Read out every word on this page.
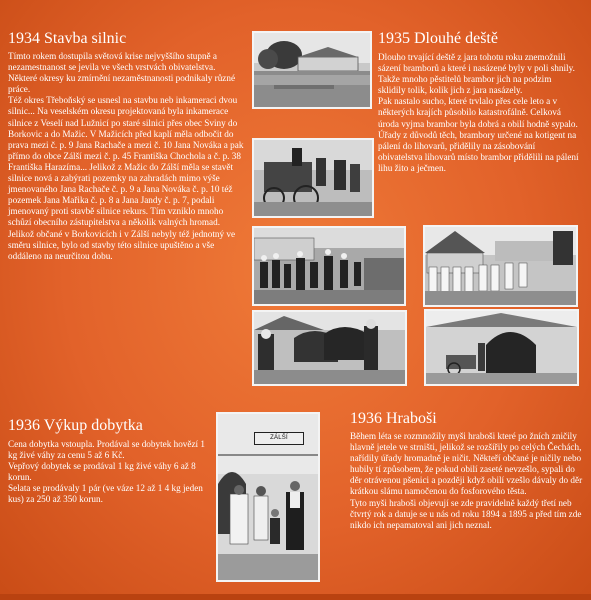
1934 Stavba silnic
Tímto rokem dostupila světová krise nejvyššího stupně a nezamestnanost se jevila ve všech vrstvách obivatelstva. Některé okresy ku zmírnění nezaměstnanosti podnikaly různé práce.
Též okres Třeboňský se usnesl na stavbu neb inkameraci dvou silnic... Na veselském okresu projektovaná byla inkamerace silnice z Veselí nad Lužnicí po staré silnici přes obec Sviny do Borkovic a do Mažic. V Mažicích před kaplí měla odbočit do prava mezi č. p. 9 Jana Rachače a mezi č. 10 Jana Nováka a pak přímo do obce Zálší mezi č. p. 45 Františka Chochola a č. p. 38 Františka Harazíma... Jelikož z Mažic do Zálší měla se stavět silnice nová a zabýrati pozemky na zahradách mimo výše jmenovaného Jana Rachače č. p. 9 a Jana Nováka č. p. 10 též pozemek Jana Mařika č. p. 8 a Jana Jandy č. p. 7, podali jmenovaný proti stavbě silnice rekurs. Tím vzniklo mnoho schůzí obecního zástupitelstva a několik valných hromad. Jelikož občané v Borkovicích i v Zálší nebyly též jednotný ve směru silnice, bylo od stavby této silnice upuštěno a vše oddáleno na neurčitou dobu.
1935 Dlouhé deště
Dlouho trvající deště z jara tohotu roku znemožnili sázení bramborů a které i nasázené byly v poli shnily. Takže mnoho pěstitelů brambor jich na podzim sklidily tolik, kolik jich z jara nasázely.
Pak nastalo sucho, které trvlalo přes cele leto a v některých krajích působilo katastrofálně. Celková úroda vyjma brambor byla dobrá a obilí hodně sypalo. Úřady z důvodů těch, brambory určené na kotigent na pálení do lihovarů, přidělily na zásobování obivatelstva lihovarů místo brambor přidělili na pálení lihu žito a ječmen.
1936 Výkup dobytka
Cena dobytka vstoupla. Prodával se dobytek hovězí 1 kg živé váhy za cenu 5 až 6 Kč.
Vepřový dobytek se prodával 1 kg živé váhy 6 až 8 korun.
Selata se prodávaly 1 pár (ve váze 12 až 1 4 kg jeden kus) za 250 až 350 korun.
1936 Hraboši
Během léta se rozmnožily myši hraboši které po žních zničily hlavně jetele ve strništi, jelikož se rozšířily po celých Čechách, nařídily úřady hromadně je ničit. Někteří občané je ničily nebo hubily tí způsobem, že pokud obilí zaseté nevzešlo, sypali do děr otrávenou pšenici a později když obilí vzešlo dávaly do děr krátkou slámu namočenou do fosforového těsta.
Tyto myši hraboši objevují se zde pravidelně každý třetí neb čtvrtý rok a datuje se u nás od roku 1894 a 1895 a před tím zde nikdo ich nepamatoval ani jich neznal.
ZÁLŠÍ
